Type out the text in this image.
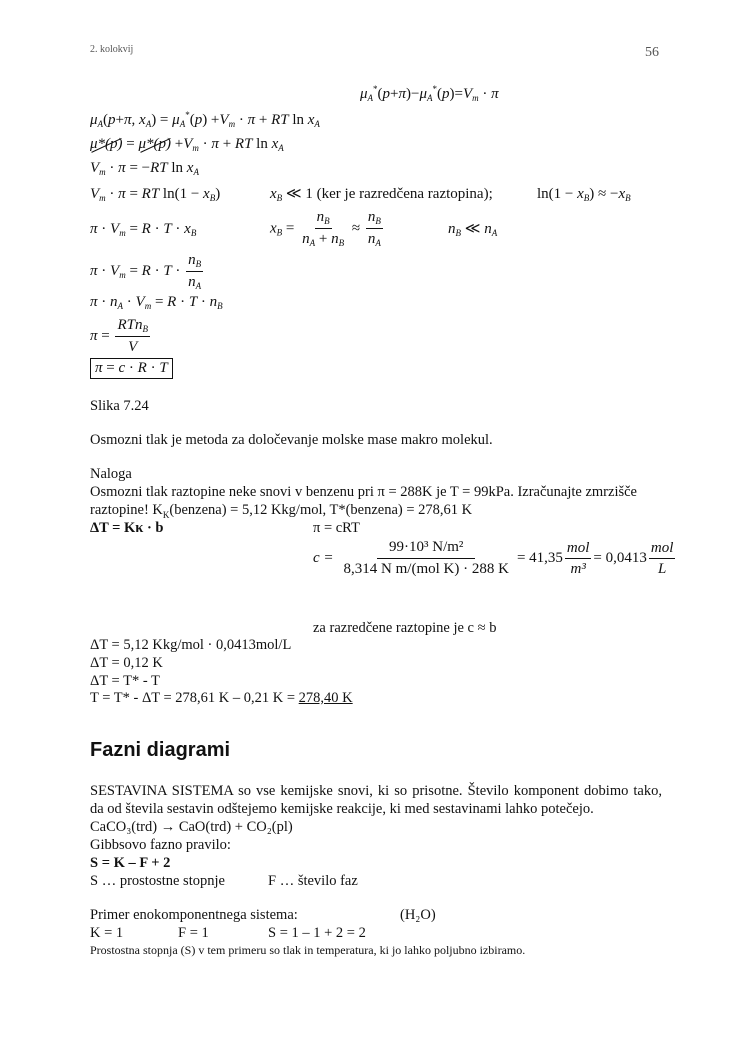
2. kolokvij	56
$\mu_A^*(p+\pi)-\mu_A^*(p)=V_m \cdot \pi$
$\mu_A(p+\pi$, $x_A) = \mu_A^*(p) +V_m \cdot \pi$ + RT $\ln x_A$
$\mu*(p) = \mu*(p) +V_m \cdot \pi$ + RT $\ln x_A$
$V_m \cdot \pi = -RT$ $\ln x_A$
$V_m \cdot \pi$ = RT $\ln(1 - x_B)$	$x_B$ ≪ 1 (ker je razredčena raztopina);	$\ln(1 - x_B) \approx -x_B$
$\pi \cdot V_m = R \cdot T \cdot x_B$	$x_B = \frac{n_B}{n_A + n_B} \approx \frac{n_B}{n_A}$	$n_B$ ≪ $n_A$
$\pi \cdot V_m = R \cdot T \cdot \frac{n_B}{n_A}$
$\pi \cdot n_A \cdot V_m = R \cdot T \cdot n_B$
$\pi = \frac{RTn_B}{V}$
π = c · R · T
Slika 7.24
Osmozni tlak je metoda za določevanje molske mase makro molekul.
Naloga
Osmozni tlak raztopine neke snovi v benzenu pri π = 288K je T = 99kPa. Izračunajte zmrzišče
raztopine! $K_K(benzena) = 5,12$ Kkg/mol, T*(benzena) = 278,61 K
ΔT = Kκ · b	π = cRT
$c = \frac{\text{99·10³ N/m²}}{\text{8,314 N m/(mol K) · 288 K}} = 41,35 \frac{\text{mol}}{\text{m³}} = 0,0413 \frac{\text{mol}}{L}$
za razredčene raztopine je c ≈ b
ΔT = 5,12 Kkg/mol · 0,0413mol/L
ΔT = 0,12 K
ΔT = T* - T
T = T* - ΔT = 278,61 K – 0,21 K = 278,40 K
Fazni diagrami
SESTAVINA SISTEMA so vse kemijske snovi, ki so prisotne. Število komponent dobimo tako, da od števila sestavin odštejemo kemijske reakcije, ki med sestavinami lahko potečejo.
CaCO₃(trd) → CaO(trd) + CO₂(pl)
Gibbsovo fazno pravilo:
S = K – F + 2
S … prostostne stopnje	F … število faz
Primer enokomponentnega sistema:	(H₂O)
K = 1	F = 1	S = 1 – 1 + 2 = 2
Prostostna stopnja (S) v tem primeru so tlak in temperatura, ki jo lahko poljubno izbiramo.
